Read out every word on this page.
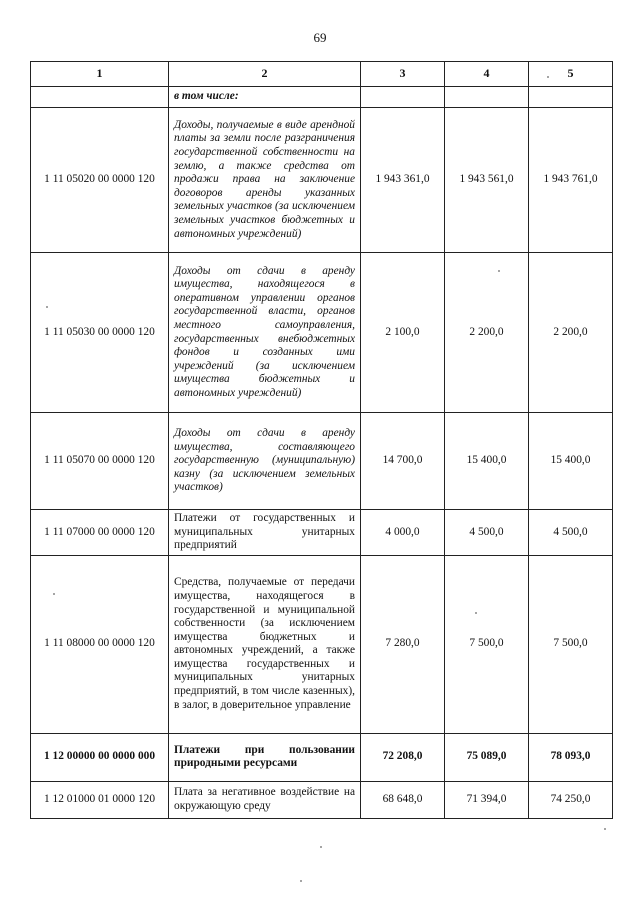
69
1	2	3	4	5
	в том числе:			
1 11 05020 00 0000 120	Доходы, получаемые в виде арендной платы за земли после разграничения государственной собственности на землю, а также средства от продажи права на заключение договоров аренды указанных земельных участков (за исключением земельных участков бюджетных и автономных учреждений)	1 943 361,0	1 943 561,0	1 943 761,0
1 11 05030 00 0000 120	Доходы от сдачи в аренду имущества, находящегося в оперативном управлении органов государственной власти, органов местного самоуправления, государственных внебюджетных фондов и созданных ими учреждений (за исключением имущества бюджетных и автономных учреждений)	2 100,0	2 200,0	2 200,0
1 11 05070 00 0000 120	Доходы от сдачи в аренду имущества, составляющего государственную (муниципальную) казну (за исключением земельных участков)	14 700,0	15 400,0	15 400,0
1 11 07000 00 0000 120	Платежи от государственных и муниципальных унитарных предприятий	4 000,0	4 500,0	4 500,0
1 11 08000 00 0000 120	Средства, получаемые от передачи имущества, находящегося в государственной и муниципальной собственности (за исключением имущества бюджетных и автономных учреждений, а также имущества государственных и муниципальных унитарных предприятий, в том числе казенных), в залог, в доверительное управление	7 280,0	7 500,0	7 500,0
1 12 00000 00 0000 000	Платежи при пользовании природными ресурсами	72 208,0	75 089,0	78 093,0
1 12 01000 01 0000 120	Плата за негативное воздействие на окружающую среду	68 648,0	71 394,0	74 250,0
